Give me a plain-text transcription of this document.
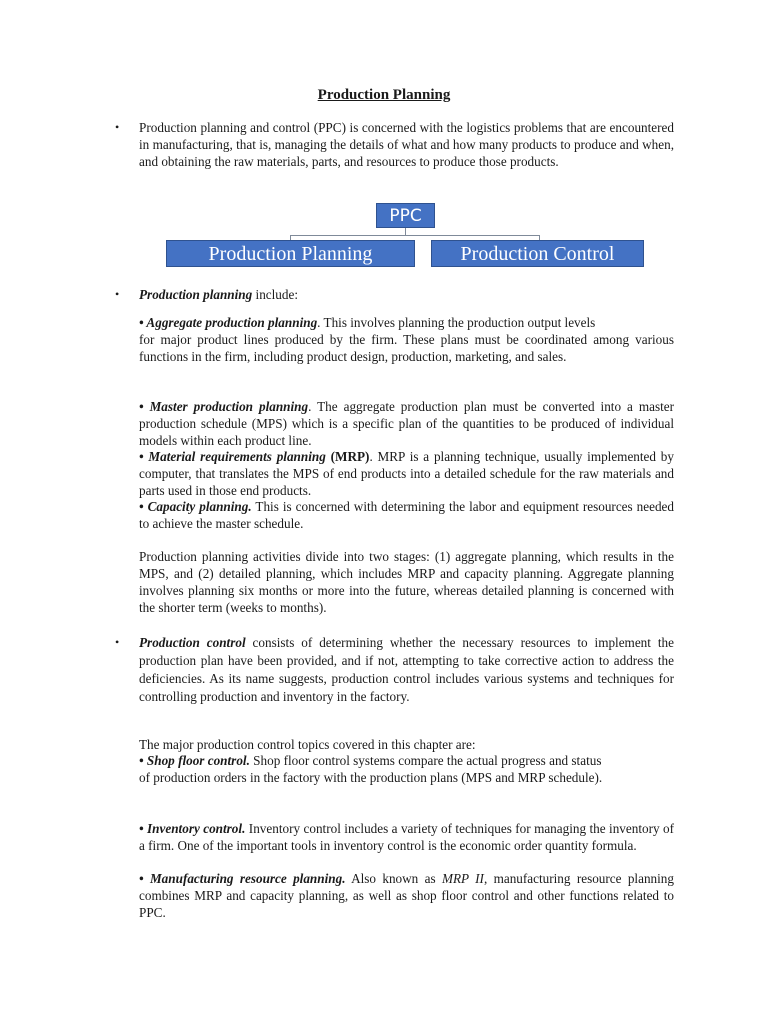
Production Planning
• Production planning and control (PPC) is concerned with the logistics problems that are encountered in manufacturing, that is, managing the details of what and how many products to produce and when, and obtaining the raw materials, parts, and resources to produce those products.
PPC
Production Planning	Production Control
• Production planning include:
• Aggregate production planning. This involves planning the production output levels
for major product lines produced by the firm. These plans must be coordinated among various functions in the firm, including product design, production, marketing, and sales.
• Master production planning. The aggregate production plan must be converted into a master production schedule (MPS) which is a specific plan of the quantities to be produced of individual models within each product line.
• Material requirements planning (MRP). MRP is a planning technique, usually implemented by computer, that translates the MPS of end products into a detailed schedule for the raw materials and parts used in those end products.
• Capacity planning. This is concerned with determining the labor and equipment resources needed to achieve the master schedule.
Production planning activities divide into two stages: (1) aggregate planning, which results in the MPS, and (2) detailed planning, which includes MRP and capacity planning. Aggregate planning involves planning six months or more into the future, whereas detailed planning is concerned with the shorter term (weeks to months).
• Production control consists of determining whether the necessary resources to implement the production plan have been provided, and if not, attempting to take corrective action to address the deficiencies. As its name suggests, production control includes various systems and techniques for controlling production and inventory in the factory.
The major production control topics covered in this chapter are:
• Shop floor control. Shop floor control systems compare the actual progress and status
of production orders in the factory with the production plans (MPS and MRP schedule).
• Inventory control. Inventory control includes a variety of techniques for managing the inventory of a firm. One of the important tools in inventory control is the economic order quantity formula.
• Manufacturing resource planning. Also known as MRP II, manufacturing resource planning combines MRP and capacity planning, as well as shop floor control and other functions related to PPC.
